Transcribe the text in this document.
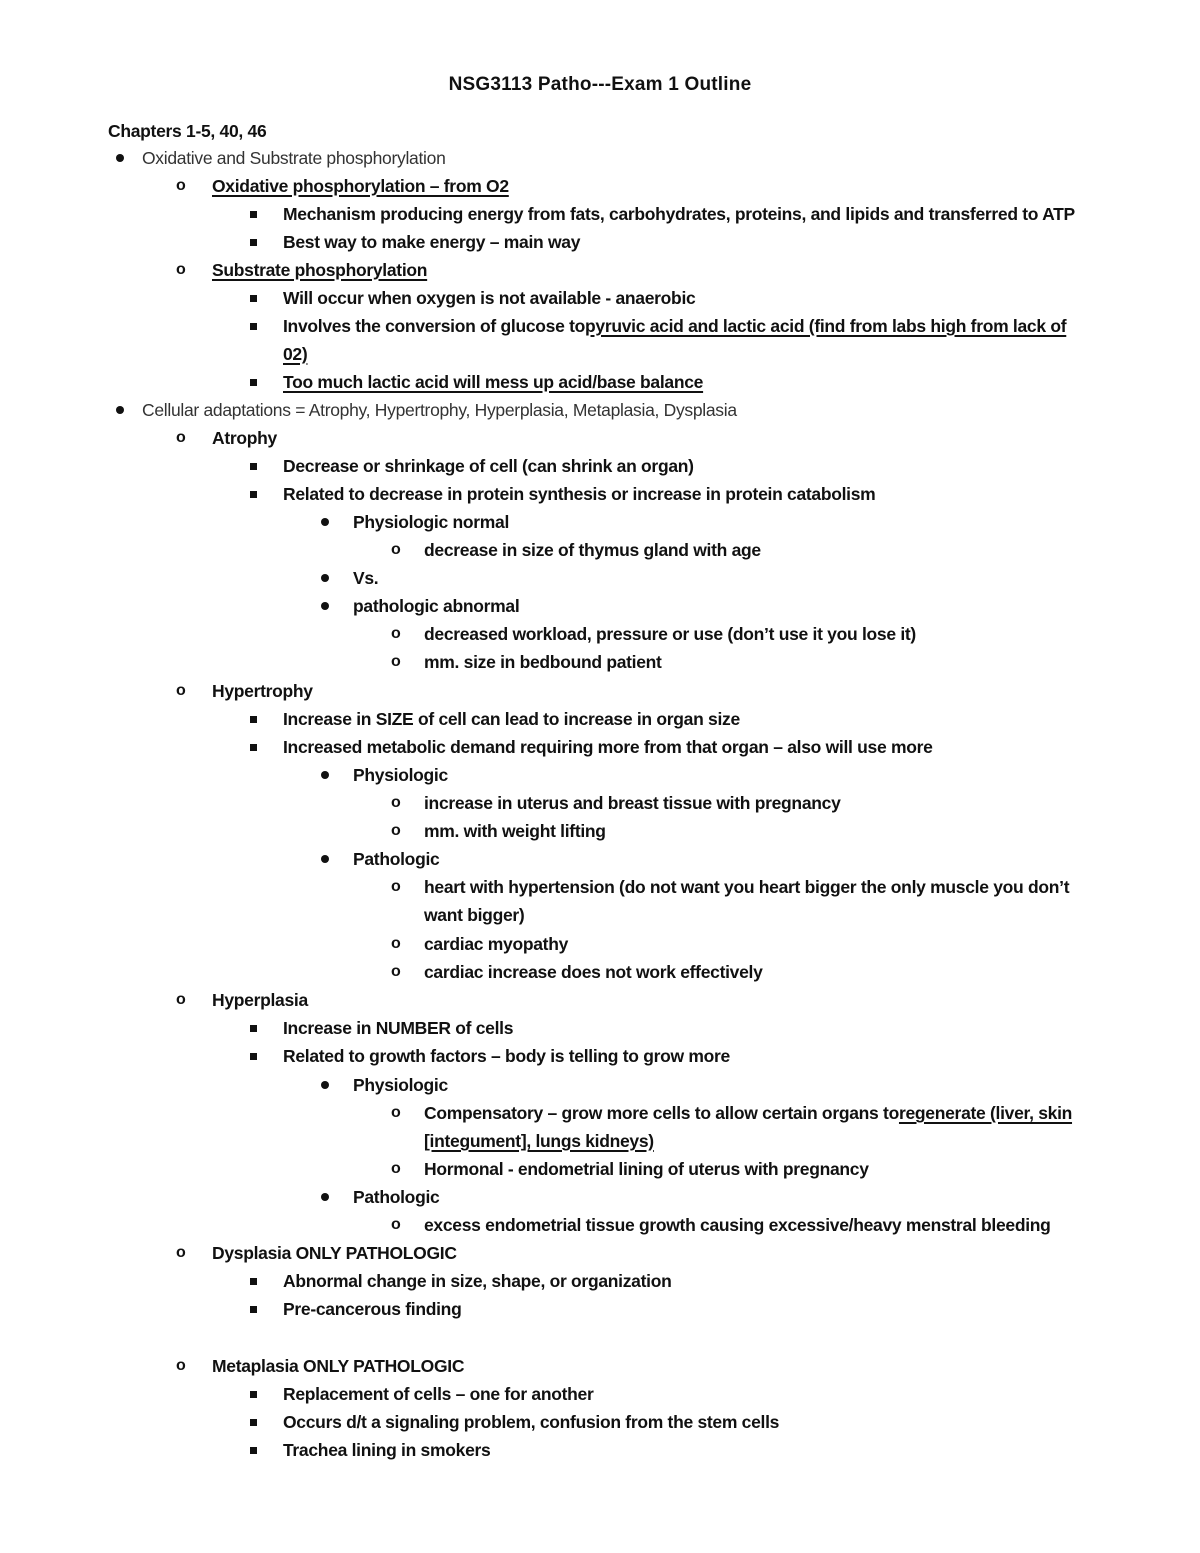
NSG3113 Patho---Exam 1 Outline
Chapters 1-5, 40, 46
Oxidative and Substrate phosphorylation
o Oxidative phosphorylation – from O2
Mechanism producing energy from fats, carbohydrates, proteins, and lipids and transferred to ATP
Best way to make energy – main way
o Substrate phosphorylation
Will occur when oxygen is not available - anaerobic
Involves the conversion of glucose topyruvic acid and lactic acid (find from labs high from lack of
02)
Too much lactic acid will mess up acid/base balance
Cellular adaptations = Atrophy, Hypertrophy, Hyperplasia, Metaplasia, Dysplasia
o Atrophy
Decrease or shrinkage of cell (can shrink an organ)
Related to decrease in protein synthesis or increase in protein catabolism
Physiologic normal
o decrease in size of thymus gland with age
Vs.
pathologic abnormal
o decreased workload, pressure or use (don’t use it you lose it)
o mm. size in bedbound patient
o Hypertrophy
Increase in SIZE of cell can lead to increase in organ size
Increased metabolic demand requiring more from that organ – also will use more
Physiologic
o increase in uterus and breast tissue with pregnancy
o mm. with weight lifting
Pathologic
o heart with hypertension (do not want you heart bigger the only muscle you don’t
want bigger)
o cardiac myopathy
o cardiac increase does not work effectively
o Hyperplasia
Increase in NUMBER of cells
Related to growth factors – body is telling to grow more
Physiologic
o Compensatory – grow more cells to allow certain organs toregenerate (liver, skin
[integument], lungs kidneys)
o Hormonal - endometrial lining of uterus with pregnancy
Pathologic
o excess endometrial tissue growth causing excessive/heavy menstral bleeding
o Dysplasia ONLY PATHOLOGIC
Abnormal change in size, shape, or organization
Pre-cancerous finding
o Metaplasia ONLY PATHOLOGIC
Replacement of cells – one for another
Occurs d/t a signaling problem, confusion from the stem cells
Trachea lining in smokers
